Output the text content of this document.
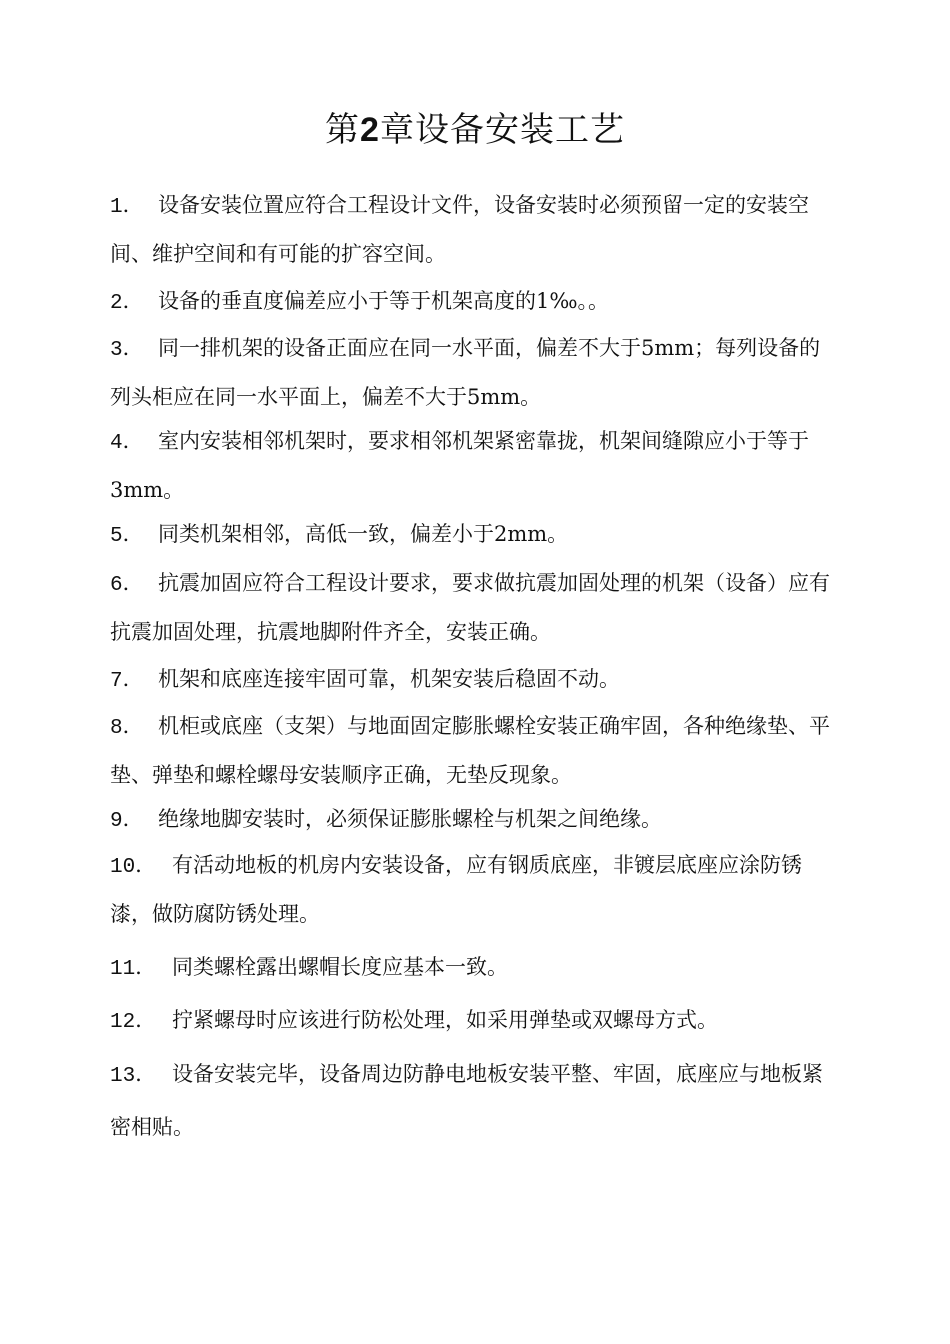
第2章设备安装工艺

1． 设备安装位置应符合工程设计文件，设备安装时必须预留一定的安装空间、维护空间和有可能的扩容空间。

2． 设备的垂直度偏差应小于等于机架高度的1‰。。

3． 同一排机架的设备正面应在同一水平面，偏差不大于5mm；每列设备的列头柜应在同一水平面上，偏差不大于5mm。

4． 室内安装相邻机架时，要求相邻机架紧密靠拢，机架间缝隙应小于等于3mm。

5． 同类机架相邻，高低一致，偏差小于2mm。

6． 抗震加固应符合工程设计要求，要求做抗震加固处理的机架（设备）应有抗震加固处理，抗震地脚附件齐全，安装正确。

7． 机架和底座连接牢固可靠，机架安装后稳固不动。

8． 机柜或底座（支架）与地面固定膨胀螺栓安装正确牢固，各种绝缘垫、平垫、弹垫和螺栓螺母安装顺序正确，无垫反现象。

9． 绝缘地脚安装时，必须保证膨胀螺栓与机架之间绝缘。

10． 有活动地板的机房内安装设备，应有钢质底座，非镀层底座应涂防锈漆，做防腐防锈处理。

11． 同类螺栓露出螺帽长度应基本一致。

12． 拧紧螺母时应该进行防松处理，如采用弹垫或双螺母方式。

13． 设备安装完毕，设备周边防静电地板安装平整、牢固，底座应与地板紧密相贴。
